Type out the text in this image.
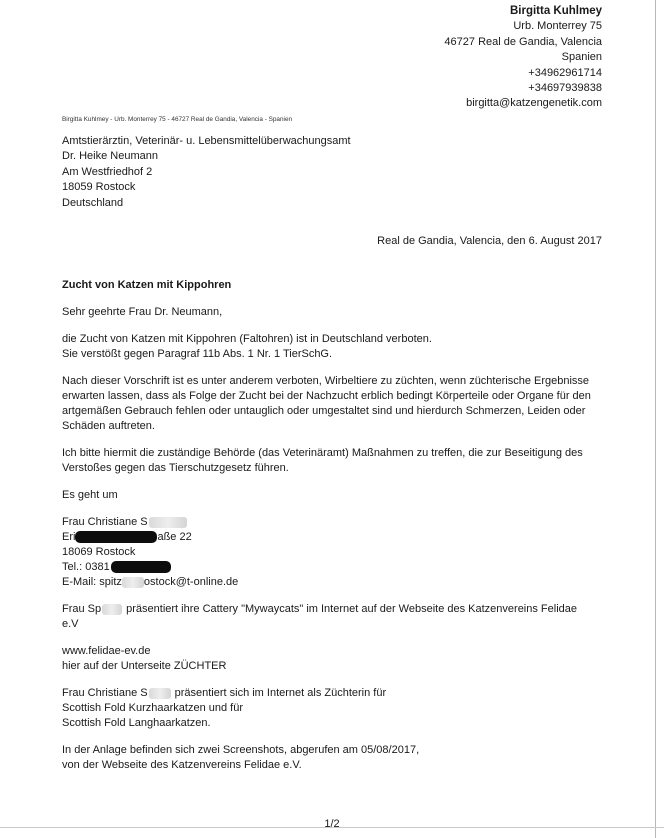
Birgitta Kuhlmey
Urb. Monterrey 75
46727 Real de Gandia, Valencia
Spanien
+34962961714
+34697939838
birgitta@katzengenetik.com
Birgitta Kuhlmey - Urb. Monterrey 75 - 46727 Real de Gandia, Valencia - Spanien
Amtstierärztin, Veterinär- u. Lebensmittelüberwachungsamt
Dr. Heike Neumann
Am Westfriedhof 2
18059 Rostock
Deutschland
Real de Gandia, Valencia, den 6. August 2017
Zucht von Katzen mit Kippohren

Sehr geehrte Frau Dr. Neumann,

die Zucht von Katzen mit Kippohren (Faltohren) ist in Deutschland verboten.
Sie verstößt gegen Paragraf 11b Abs. 1 Nr. 1 TierSchG.

Nach dieser Vorschrift ist es unter anderem verboten, Wirbeltiere zu züchten, wenn züchterische Ergebnisse
erwarten lassen, dass als Folge der Zucht bei der Nachzucht erblich bedingt Körperteile oder Organe für den
artgemäßen Gebrauch fehlen oder untauglich oder umgestaltet sind und hierdurch Schmerzen, Leiden oder
Schäden auftreten.

Ich bitte hiermit die zuständige Behörde (das Veterinäramt) Maßnahmen zu treffen, die zur Beseitigung des
Verstoßes gegen das Tierschutzgesetz führen.

Es geht um

Frau Christiane S
Eri	aße 22
18069 Rostock
Tel.: 0381
E-Mail: spitz ostock@t-online.de

Frau Sp präsentiert ihre Cattery "Mywaycats" im Internet auf der Webseite des Katzenvereins Felidae
e.V

www.felidae-ev.de
hier auf der Unterseite ZÜCHTER

Frau Christiane S präsentiert sich im Internet als Züchterin für
Scottish Fold Kurzhaarkatzen und für
Scottish Fold Langhaarkatzen.

In der Anlage befinden sich zwei Screenshots, abgerufen am 05/08/2017,
von der Webseite des Katzenvereins Felidae e.V.

1/2
